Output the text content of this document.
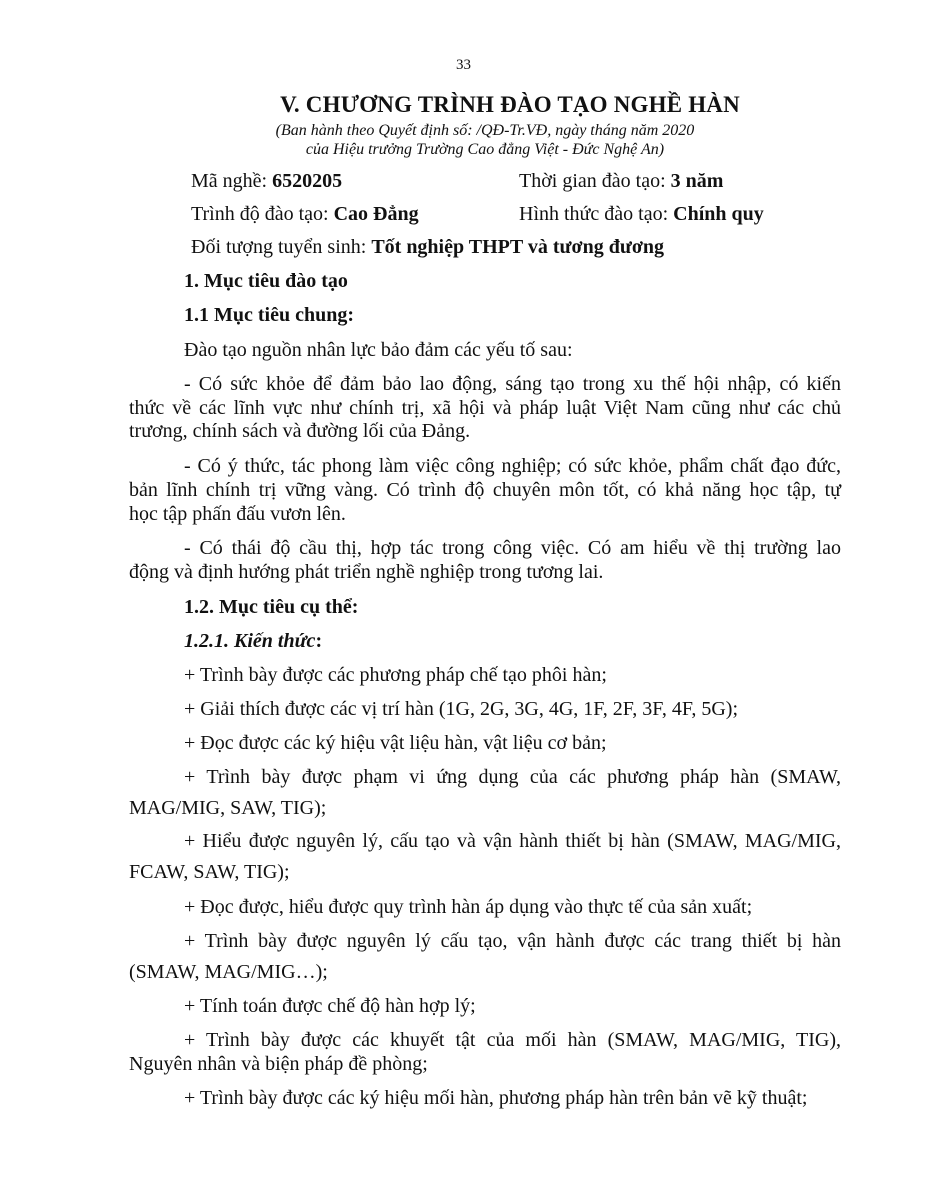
33
V. CHƯƠNG TRÌNH ĐÀO TẠO NGHỀ HÀN
(Ban hành theo Quyết định số: /QĐ-Tr.VĐ, ngày tháng năm 2020
của Hiệu trưởng Trường Cao đẳng Việt - Đức Nghệ An)
Mã nghề: 6520205	Thời gian đào tạo: 3 năm
Trình độ đào tạo: Cao Đẳng	Hình thức đào tạo: Chính quy
Đối tượng tuyển sinh: Tốt nghiệp THPT và tương đương
1. Mục tiêu đào tạo
1.1 Mục tiêu chung:
Đào tạo nguồn nhân lực bảo đảm các yếu tố sau:
- Có sức khỏe để đảm bảo lao động, sáng tạo trong xu thế hội nhập, có kiến
thức về các lĩnh vực như chính trị, xã hội và pháp luật Việt Nam cũng như các chủ
trương, chính sách và đường lối của Đảng.
- Có ý thức, tác phong làm việc công nghiệp; có sức khỏe, phẩm chất đạo đức,
bản lĩnh chính trị vững vàng. Có trình độ chuyên môn tốt, có khả năng học tập, tự
học tập phấn đấu vươn lên.
- Có thái độ cầu thị, hợp tác trong công việc. Có am hiểu về thị trường lao
động và định hướng phát triển nghề nghiệp trong tương lai.
1.2. Mục tiêu cụ thể:
1.2.1. Kiến thức:
+ Trình bày được các phương pháp chế tạo phôi hàn;
+ Giải thích được các vị trí hàn (1G, 2G, 3G, 4G, 1F, 2F, 3F, 4F, 5G);
+ Đọc được các ký hiệu vật liệu hàn, vật liệu cơ bản;
+ Trình bày được phạm vi ứng dụng của các phương pháp hàn (SMAW,
MAG/MIG, SAW, TIG);
+ Hiểu được nguyên lý, cấu tạo và vận hành thiết bị hàn (SMAW, MAG/MIG,
FCAW, SAW, TIG);
+ Đọc được, hiểu được quy trình hàn áp dụng vào thực tế của sản xuất;
+ Trình bày được nguyên lý cấu tạo, vận hành được các trang thiết bị hàn
(SMAW, MAG/MIG…);
+ Tính toán được chế độ hàn hợp lý;
+ Trình bày được các khuyết tật của mối hàn (SMAW, MAG/MIG, TIG),
Nguyên nhân và biện pháp đề phòng;
+ Trình bày được các ký hiệu mối hàn, phương pháp hàn trên bản vẽ kỹ thuật;
